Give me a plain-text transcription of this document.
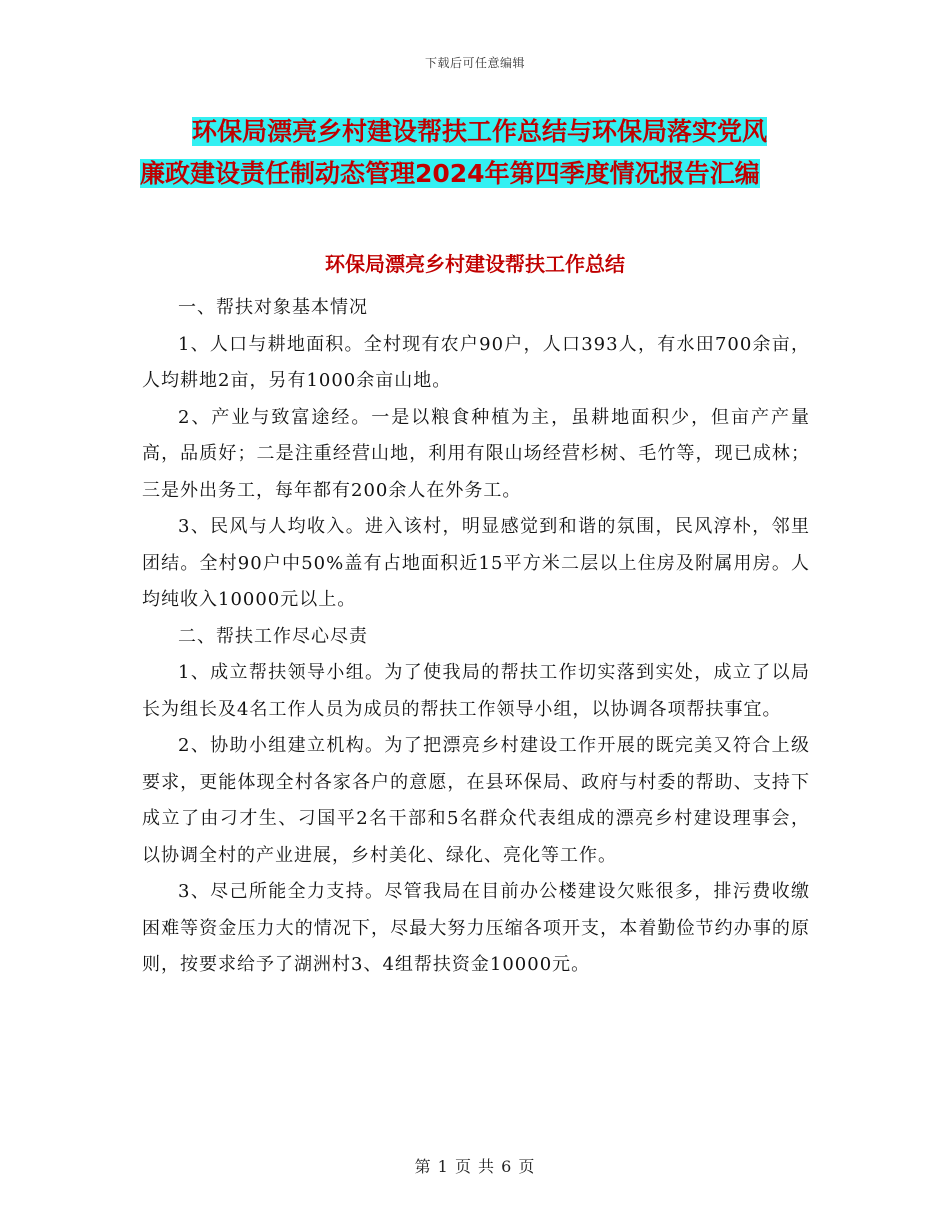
下载后可任意编辑
环保局漂亮乡村建设帮扶工作总结与环保局落实党风
廉政建设责任制动态管理2024年第四季度情况报告汇编
环保局漂亮乡村建设帮扶工作总结

一、帮扶对象基本情况

1、人口与耕地面积。全村现有农户90户，人口393人，有水田700余亩，人均耕地2亩，另有1000余亩山地。

2、产业与致富途经。一是以粮食种植为主，虽耕地面积少，但亩产产量高，品质好；二是注重经营山地，利用有限山场经营杉树、毛竹等，现已成林；三是外出务工，每年都有200余人在外务工。

3、民风与人均收入。进入该村，明显感觉到和谐的氛围，民风淳朴，邻里团结。全村90户中50%盖有占地面积近15平方米二层以上住房及附属用房。人均纯收入10000元以上。

二、帮扶工作尽心尽责

1、成立帮扶领导小组。为了使我局的帮扶工作切实落到实处，成立了以局长为组长及4名工作人员为成员的帮扶工作领导小组，以协调各项帮扶事宜。

2、协助小组建立机构。为了把漂亮乡村建设工作开展的既完美又符合上级要求，更能体现全村各家各户的意愿，在县环保局、政府与村委的帮助、支持下成立了由刁才生、刁国平2名干部和5名群众代表组成的漂亮乡村建设理事会，以协调全村的产业进展，乡村美化、绿化、亮化等工作。

3、尽己所能全力支持。尽管我局在目前办公楼建设欠账很多，排污费收缴困难等资金压力大的情况下，尽最大努力压缩各项开支，本着勤俭节约办事的原则，按要求给予了湖洲村3、4组帮扶资金10000元。

第 1 页 共 6 页
